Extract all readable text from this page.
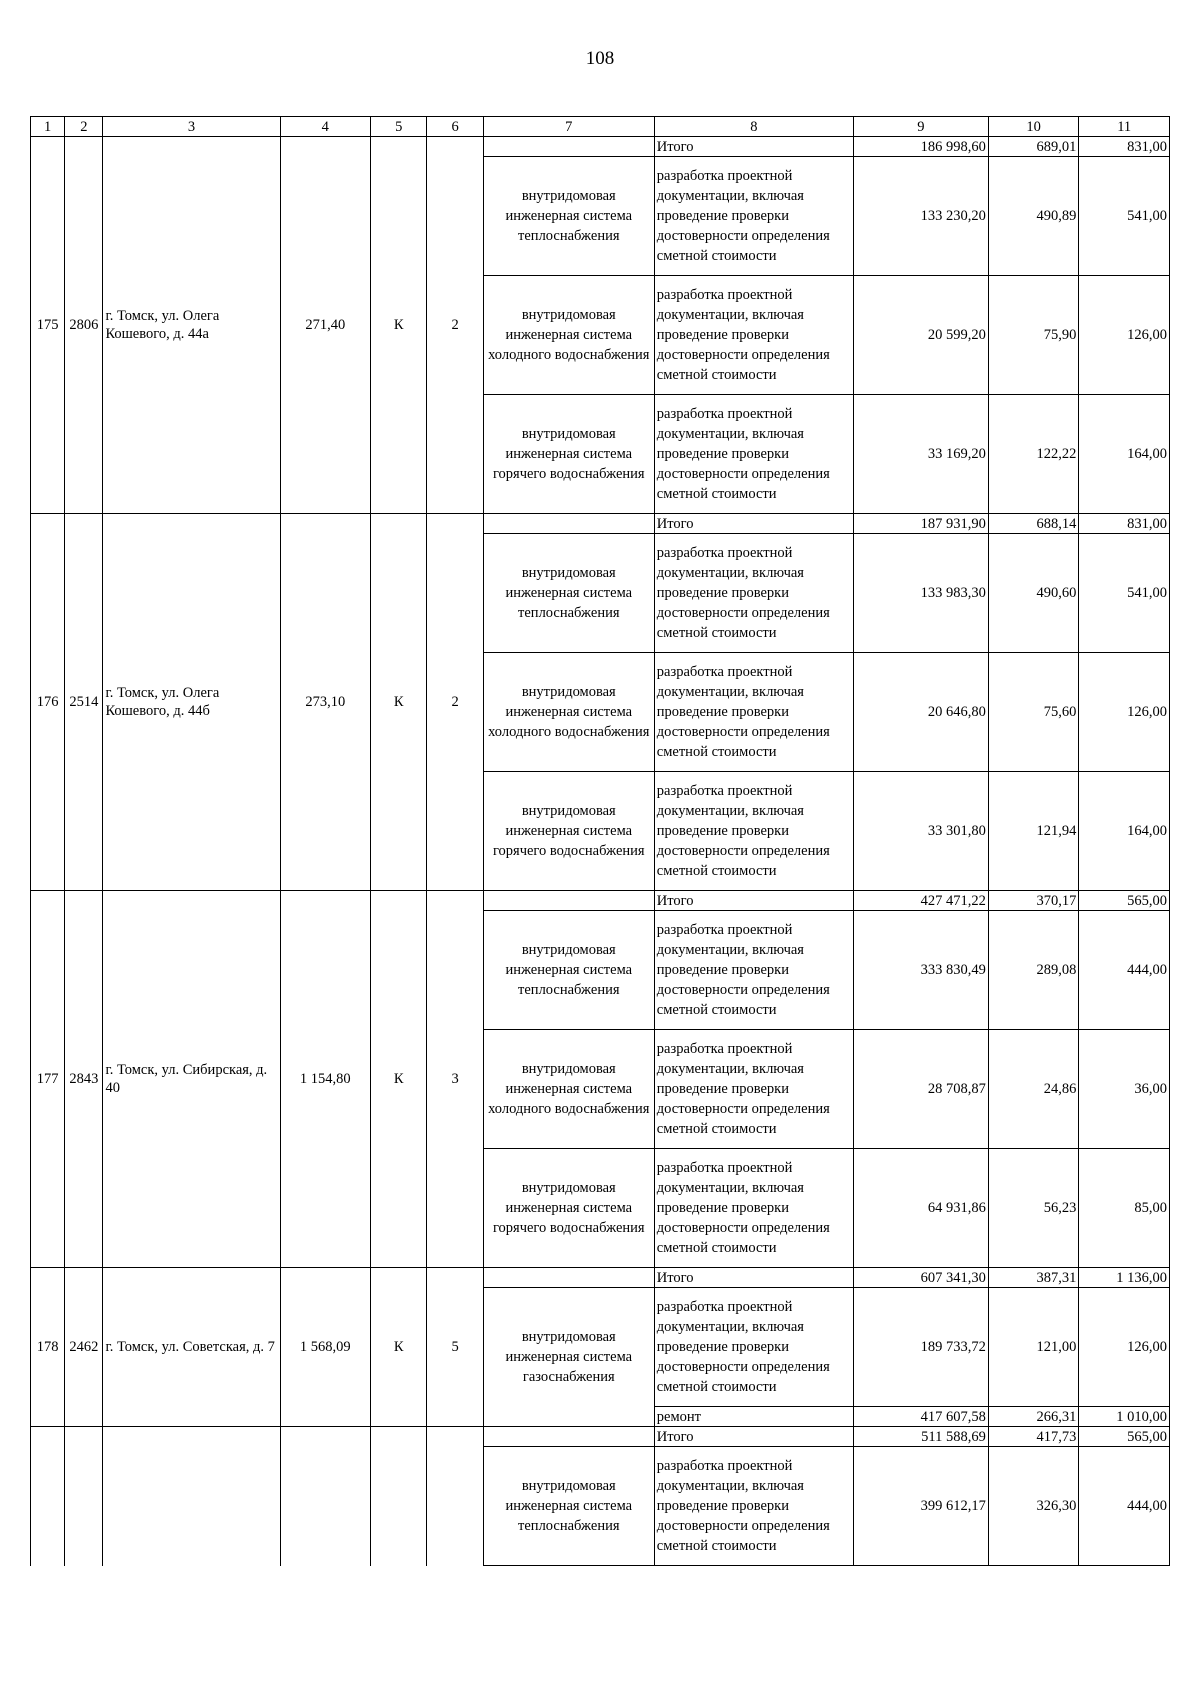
108
1	2	3	4	5	6	7	8	9	10	11
175	2806	г. Томск, ул. Олега Кошевого, д. 44а	271,40	К	2		Итого	186 998,60	689,01	831,00
						внутридомовая инженерная система теплоснабжения	разработка проектной документации, включая проведение проверки достоверности определения сметной стоимости	133 230,20	490,89	541,00
						внутридомовая инженерная система холодного водоснабжения	разработка проектной документации, включая проведение проверки достоверности определения сметной стоимости	20 599,20	75,90	126,00
						внутридомовая инженерная система горячего водоснабжения	разработка проектной документации, включая проведение проверки достоверности определения сметной стоимости	33 169,20	122,22	164,00
176	2514	г. Томск, ул. Олега Кошевого, д. 44б	273,10	К	2		Итого	187 931,90	688,14	831,00
						внутридомовая инженерная система теплоснабжения	разработка проектной документации, включая проведение проверки достоверности определения сметной стоимости	133 983,30	490,60	541,00
						внутридомовая инженерная система холодного водоснабжения	разработка проектной документации, включая проведение проверки достоверности определения сметной стоимости	20 646,80	75,60	126,00
						внутридомовая инженерная система горячего водоснабжения	разработка проектной документации, включая проведение проверки достоверности определения сметной стоимости	33 301,80	121,94	164,00
177	2843	г. Томск, ул. Сибирская, д. 40	1 154,80	К	3		Итого	427 471,22	370,17	565,00
						внутридомовая инженерная система теплоснабжения	разработка проектной документации, включая проведение проверки достоверности определения сметной стоимости	333 830,49	289,08	444,00
						внутридомовая инженерная система холодного водоснабжения	разработка проектной документации, включая проведение проверки достоверности определения сметной стоимости	28 708,87	24,86	36,00
						внутридомовая инженерная система горячего водоснабжения	разработка проектной документации, включая проведение проверки достоверности определения сметной стоимости	64 931,86	56,23	85,00
178	2462	г. Томск, ул. Советская, д. 7	1 568,09	К	5		Итого	607 341,30	387,31	1 136,00
						внутридомовая инженерная система газоснабжения	разработка проектной документации, включая проведение проверки достоверности определения сметной стоимости	189 733,72	121,00	126,00
							ремонт	417 607,58	266,31	1 010,00
							Итого	511 588,69	417,73	565,00
						внутридомовая инженерная система теплоснабжения	разработка проектной документации, включая проведение проверки достоверности определения сметной стоимости	399 612,17	326,30	444,00
